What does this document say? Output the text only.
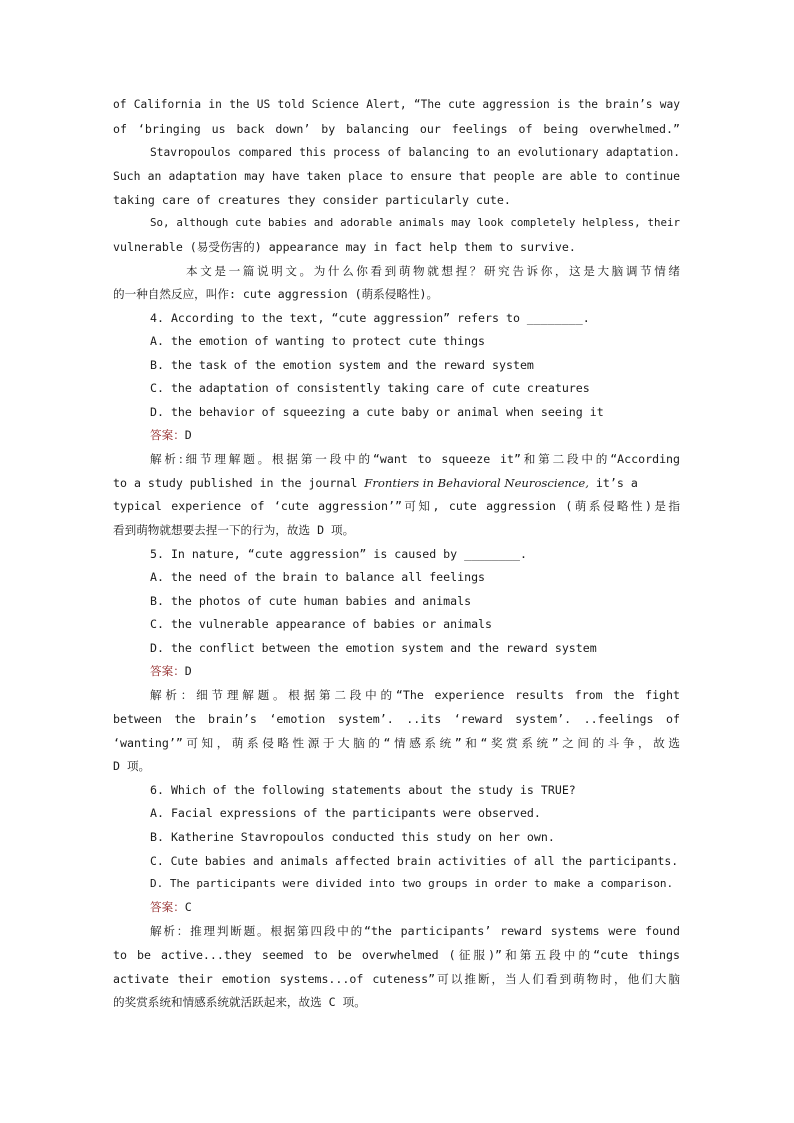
of California in the US told Science Alert, “The cute aggression is the brain’s way
of ‘bringing us back down’ by balancing our feelings of being overwhelmed.”
Stavropoulos compared this process of balancing to an evolutionary adaptation.
Such an adaptation may have taken place to ensure that people are able to continue
taking care of creatures they consider particularly cute.
So, although cute babies and adorable animals may look completely helpless, their
vulnerable (易受伤害的) appearance may in fact help them to survive.
本文是一篇说明文。为什么你看到萌物就想捏？研究告诉你，这是大脑调节情绪
的一种自然反应，叫作: cute aggression (萌系侵略性)。
4. According to the text, “cute aggression” refers to ________.
A. the emotion of wanting to protect cute things
B. the task of the emotion system and the reward system
C. the adaptation of consistently taking care of cute creatures
D. the behavior of squeezing a cute baby or animal when seeing it
答案：D
解析:细节理解题。根据第一段中的“want to squeeze it”和第二段中的“According
to a study published in the journal Frontiers in Behavioral Neuroscience, it’s a
typical experience of ‘cute aggression’”可知, cute aggression (萌系侵略性)是指
看到萌物就想要去捏一下的行为，故选 D 项。
5. In nature, “cute aggression” is caused by ________.
A. the need of the brain to balance all feelings
B. the photos of cute human babies and animals
C. the vulnerable appearance of babies or animals
D. the conflict between the emotion system and the reward system
答案：D
解析：细节理解题。根据第二段中的“The experience results from the fight
between the brain’s ‘emotion system’. ..its ‘reward system’. ..feelings of
‘wanting’”可知，萌系侵略性源于大脑的“情感系统”和“奖赏系统”之间的斗争，故选
D 项。
6. Which of the following statements about the study is TRUE?
A. Facial expressions of the participants were observed.
B. Katherine Stavropoulos conducted this study on her own.
C. Cute babies and animals affected brain activities of all the participants.
D. The participants were divided into two groups in order to make a comparison.
答案：C
解析：推理判断题。根据第四段中的“the participants’ reward systems were found
to be active...they seemed to be overwhelmed (征服)”和第五段中的“cute things
activate their emotion systems...of cuteness”可以推断，当人们看到萌物时，他们大脑
的奖赏系统和情感系统就活跃起来，故选 C 项。
